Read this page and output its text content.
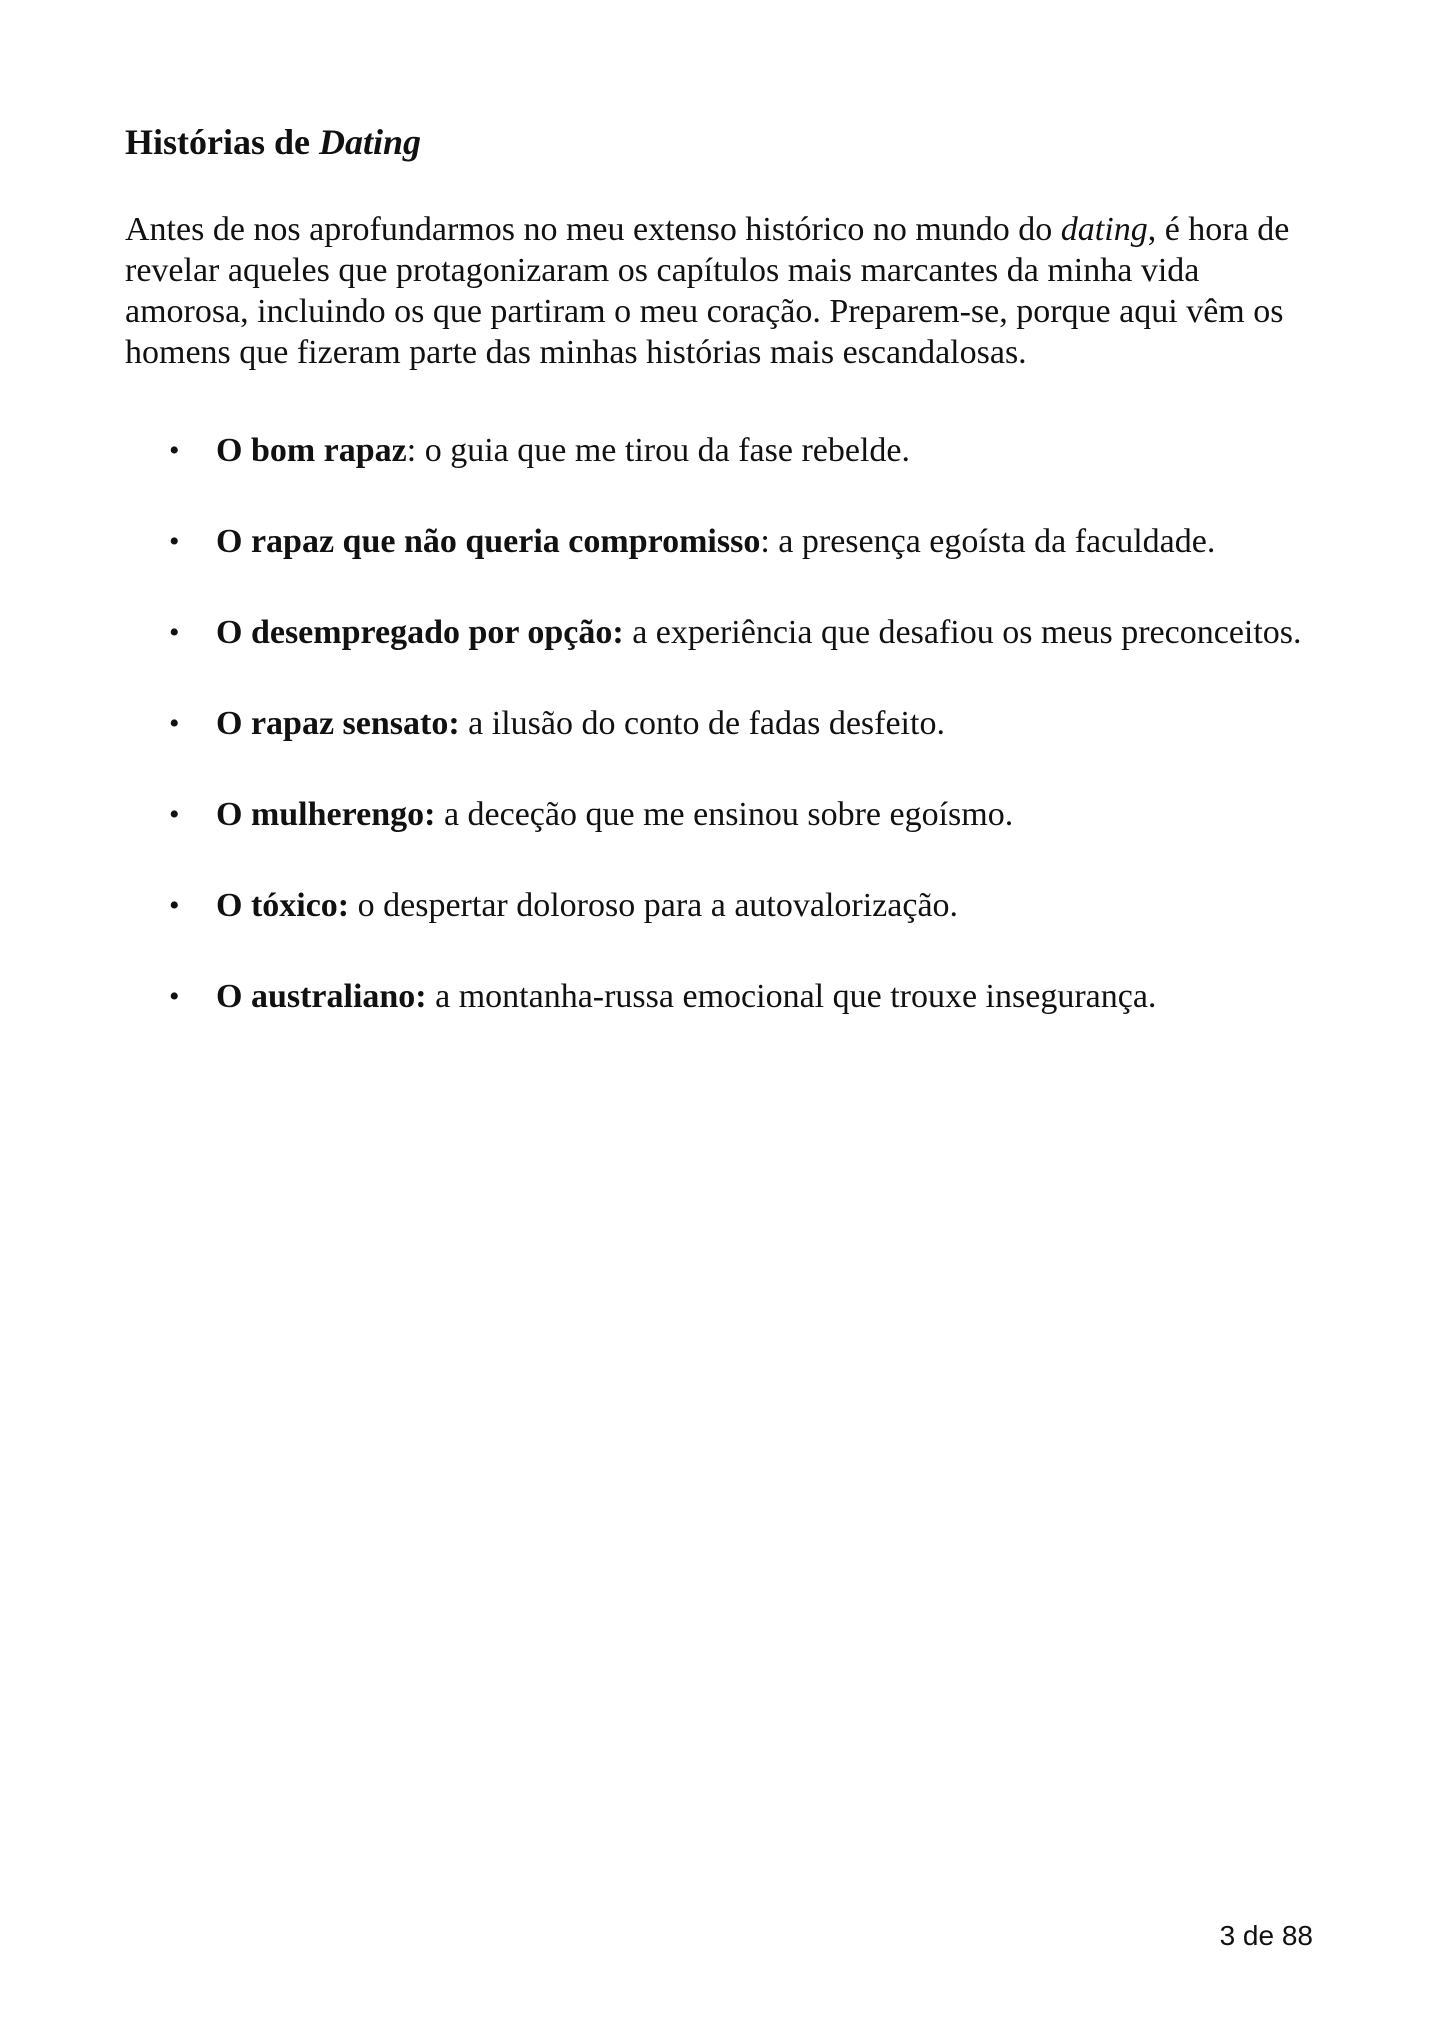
Histórias de Dating

Antes de nos aprofundarmos no meu extenso histórico no mundo do dating, é hora de revelar aqueles que protagonizaram os capítulos mais marcantes da minha vida amorosa, incluindo os que partiram o meu coração. Preparem-se, porque aqui vêm os homens que fizeram parte das minhas histórias mais escandalosas.

• O bom rapaz: o guia que me tirou da fase rebelde.
• O rapaz que não queria compromisso: a presença egoísta da faculdade.
• O desempregado por opção: a experiência que desafiou os meus preconceitos.
• O rapaz sensato: a ilusão do conto de fadas desfeito.
• O mulherengo: a deceção que me ensinou sobre egoísmo.
• O tóxico: o despertar doloroso para a autovalorização.
• O australiano: a montanha-russa emocional que trouxe insegurança.
3 de 88
